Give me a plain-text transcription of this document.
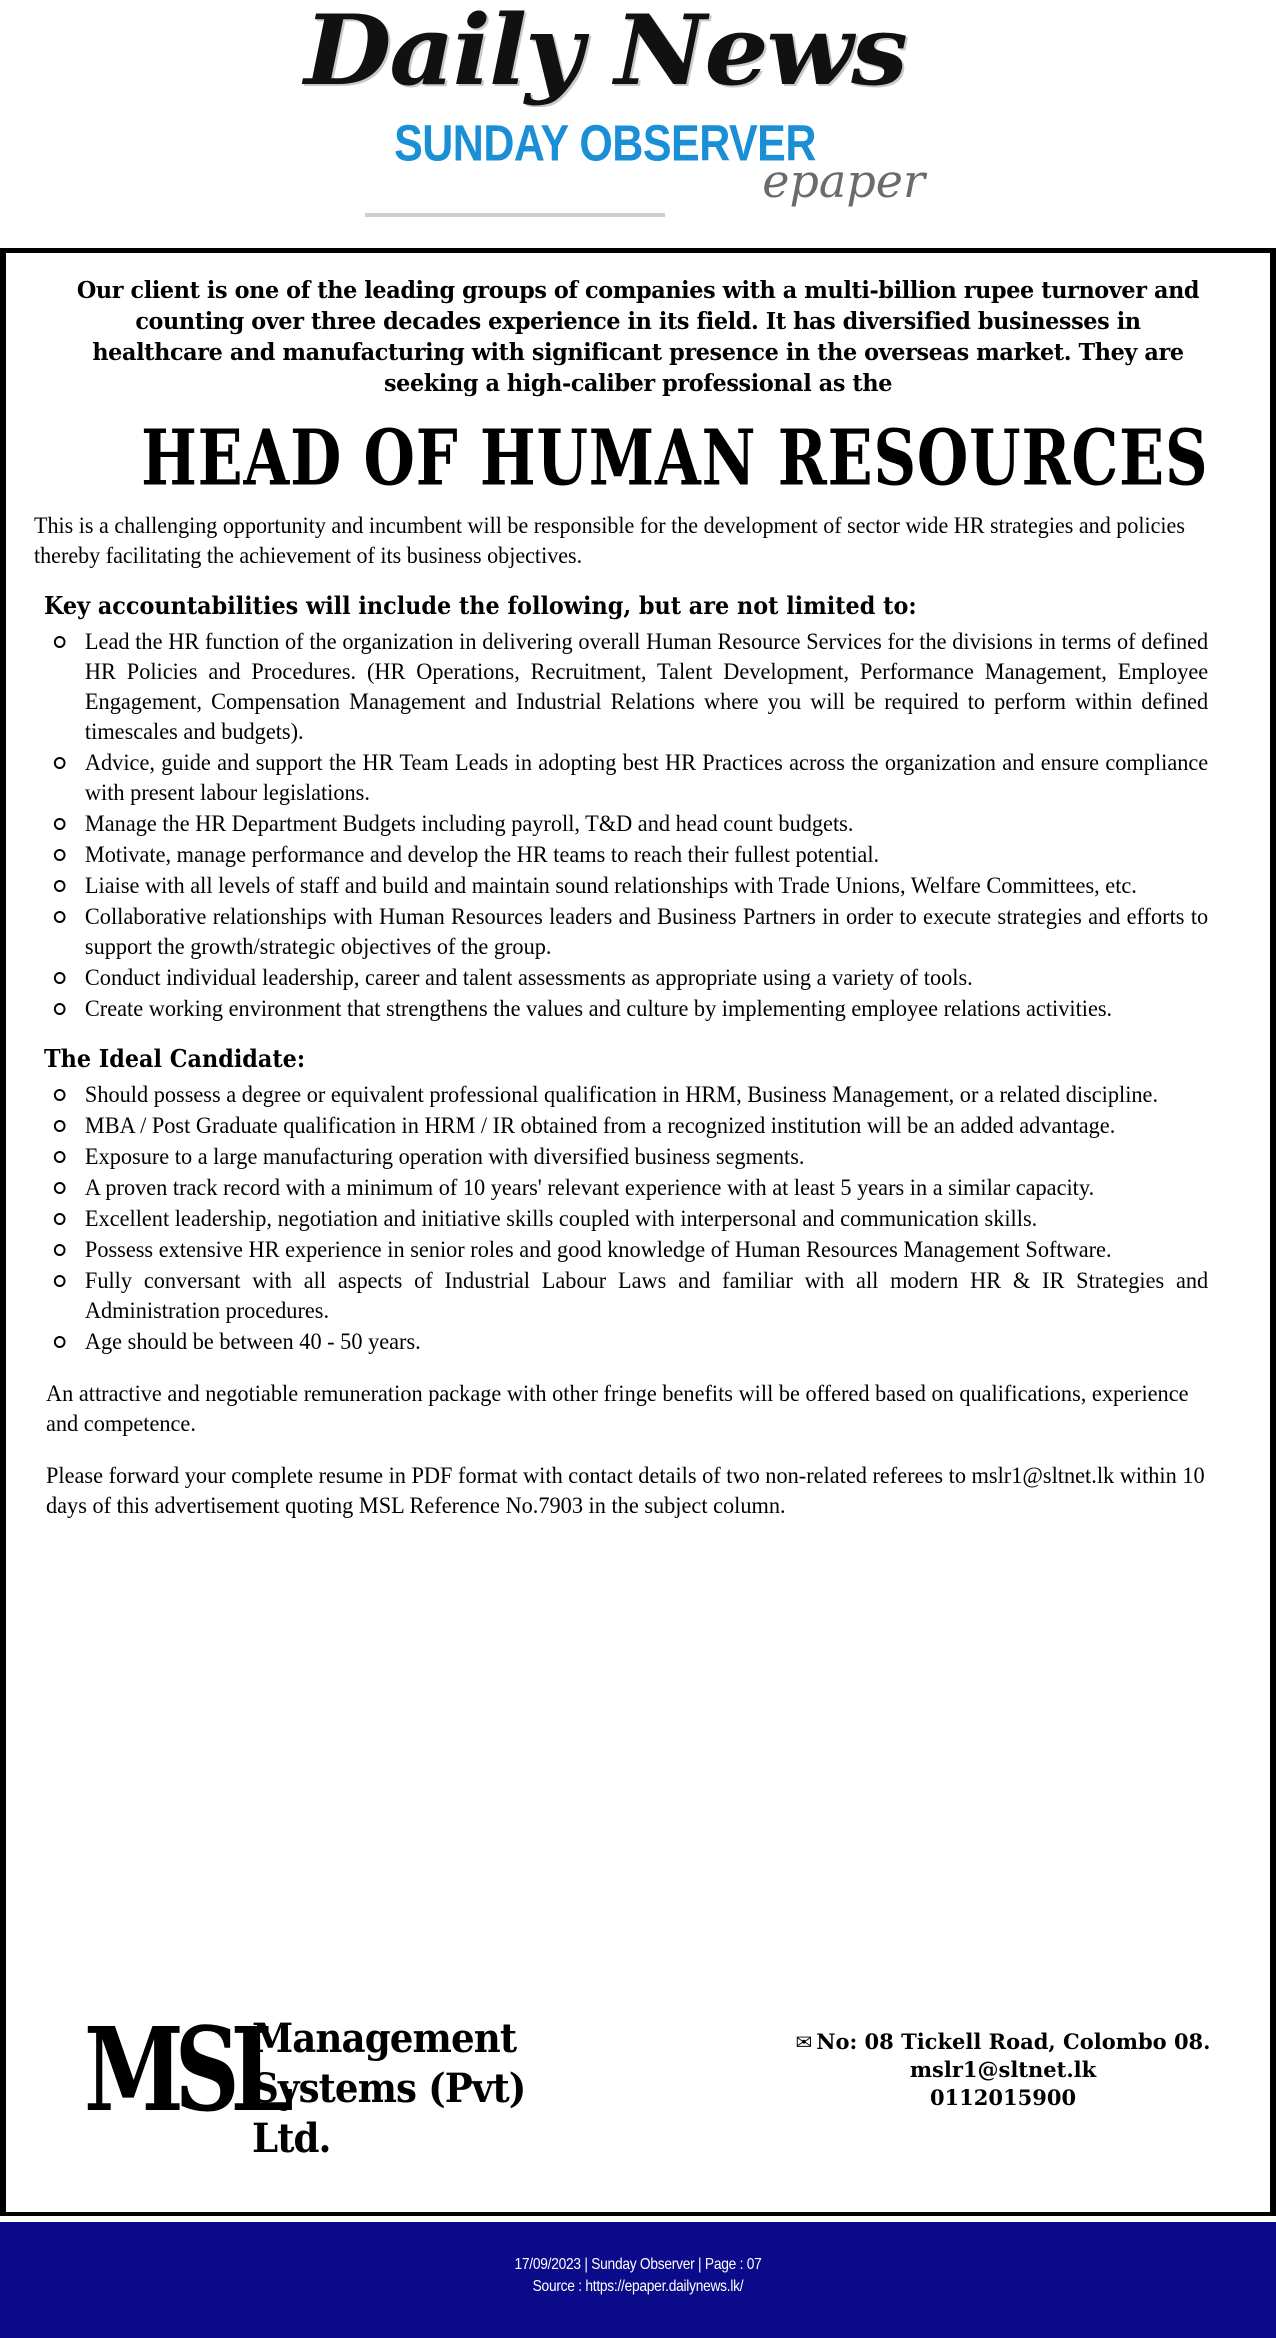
Daily News
SUNDAY OBSERVER
epaper

Our client is one of the leading groups of companies with a multi-billion rupee turnover and counting over three decades experience in its field. It has diversified businesses in healthcare and manufacturing with significant presence in the overseas market. They are seeking a high-caliber professional as the

HEAD OF HUMAN RESOURCES

This is a challenging opportunity and incumbent will be responsible for the development of sector wide HR strategies and policies thereby facilitating the achievement of its business objectives.

Key accountabilities will include the following, but are not limited to:
Lead the HR function of the organization in delivering overall Human Resource Services for the divisions in terms of defined HR Policies and Procedures. (HR Operations, Recruitment, Talent Development, Performance Management, Employee Engagement, Compensation Management and Industrial Relations where you will be required to perform within defined timescales and budgets).
Advice, guide and support the HR Team Leads in adopting best HR Practices across the organization and ensure compliance with present labour legislations.
Manage the HR Department Budgets including payroll, T&D and head count budgets.
Motivate, manage performance and develop the HR teams to reach their fullest potential.
Liaise with all levels of staff and build and maintain sound relationships with Trade Unions, Welfare Committees, etc.
Collaborative relationships with Human Resources leaders and Business Partners in order to execute strategies and efforts to support the growth/strategic objectives of the group.
Conduct individual leadership, career and talent assessments as appropriate using a variety of tools.
Create working environment that strengthens the values and culture by implementing employee relations activities.
The Ideal Candidate:
Should possess a degree or equivalent professional qualification in HRM, Business Management, or a related discipline.
MBA / Post Graduate qualification in HRM / IR obtained from a recognized institution will be an added advantage.
Exposure to a large manufacturing operation with diversified business segments.
A proven track record with a minimum of 10 years' relevant experience with at least 5 years in a similar capacity.
Excellent leadership, negotiation and initiative skills coupled with interpersonal and communication skills.
Possess extensive HR experience in senior roles and good knowledge of Human Resources Management Software.
Fully conversant with all aspects of Industrial Labour Laws and familiar with all modern HR & IR Strategies and Administration procedures.
Age should be between 40 - 50 years.

An attractive and negotiable remuneration package with other fringe benefits will be offered based on qualifications, experience and competence.

Please forward your complete resume in PDF format with contact details of two non-related referees to mslr1@sltnet.lk within 10 days of this advertisement quoting MSL Reference No.7903 in the subject column.

MSL
Management
Systems (Pvt) Ltd.
✉ No: 08 Tickell Road, Colombo 08.
mslr1@sltnet.lk
0112015900
17/09/2023 | Sunday Observer | Page : 07
Source : https://epaper.dailynews.lk/
